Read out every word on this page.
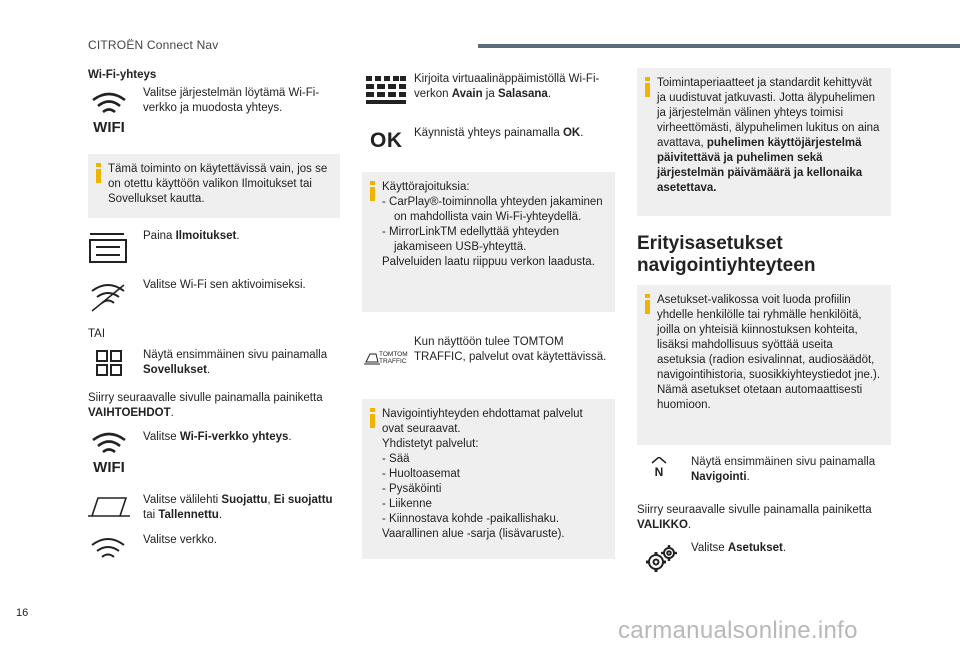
CITROËN Connect Nav
Wi-Fi-yhteys
WIFI
Valitse järjestelmän löytämä Wi-Fi-verkko ja muodosta yhteys.
Tämä toiminto on käytettävissä vain, jos se on otettu käyttöön valikon Ilmoitukset tai Sovellukset kautta.
Paina Ilmoitukset.
Valitse Wi-Fi sen aktivoimiseksi.
TAI
Näytä ensimmäinen sivu painamalla Sovellukset.
Siirry seuraavalle sivulle painamalla painiketta VAIHTOEHDOT.
WIFI
Valitse Wi-Fi-verkko yhteys.
Valitse välilehti Suojattu, Ei suojattu tai Tallennettu.
Valitse verkko.
Kirjoita virtuaalinäppäimistöllä Wi-Fi-verkon Avain ja Salasana.
OK Käynnistä yhteys painamalla OK.
Käyttörajoituksia:
- CarPlay®-toiminnolla yhteyden jakaminen on mahdollista vain Wi-Fi-yhteydellä.
- MirrorLinkTM edellyttää yhteyden jakamiseen USB-yhteyttä.
Palveluiden laatu riippuu verkon laadusta.
TOMTOM
TRAFFIC
Kun näyttöön tulee TOMTOM TRAFFIC, palvelut ovat käytettävissä.
Navigointiyhteyden ehdottamat palvelut ovat seuraavat.
Yhdistetyt palvelut:
- Sää
- Huoltoasemat
- Pysäköinti
- Liikenne
- Kiinnostava kohde -paikallishaku.
Vaarallinen alue -sarja (lisävaruste).
Toimintaperiaatteet ja standardit kehittyvät ja uudistuvat jatkuvasti. Jotta älypuhelimen ja järjestelmän välinen yhteys toimisi virheettömästi, älypuhelimen lukitus on aina avattava, puhelimen käyttöjärjestelmä päivitettävä ja puhelimen sekä järjestelmän päivämäärä ja kellonaika asetettava.
Erityisasetukset
navigointiyhteyteen
Asetukset-valikossa voit luoda profiilin yhdelle henkilölle tai ryhmälle henkilöitä, joilla on yhteisiä kiinnostuksen kohteita, lisäksi mahdollisuus syöttää useita asetuksia (radion esivalinnat, audiosäädöt, navigointihistoria, suosikkiyhteystiedot jne.). Nämä asetukset otetaan automaattisesti huomioon.
N
Näytä ensimmäinen sivu painamalla Navigointi.
Siirry seuraavalle sivulle painamalla painiketta VALIKKO.
Valitse Asetukset.
16
carmanualsonline.info
